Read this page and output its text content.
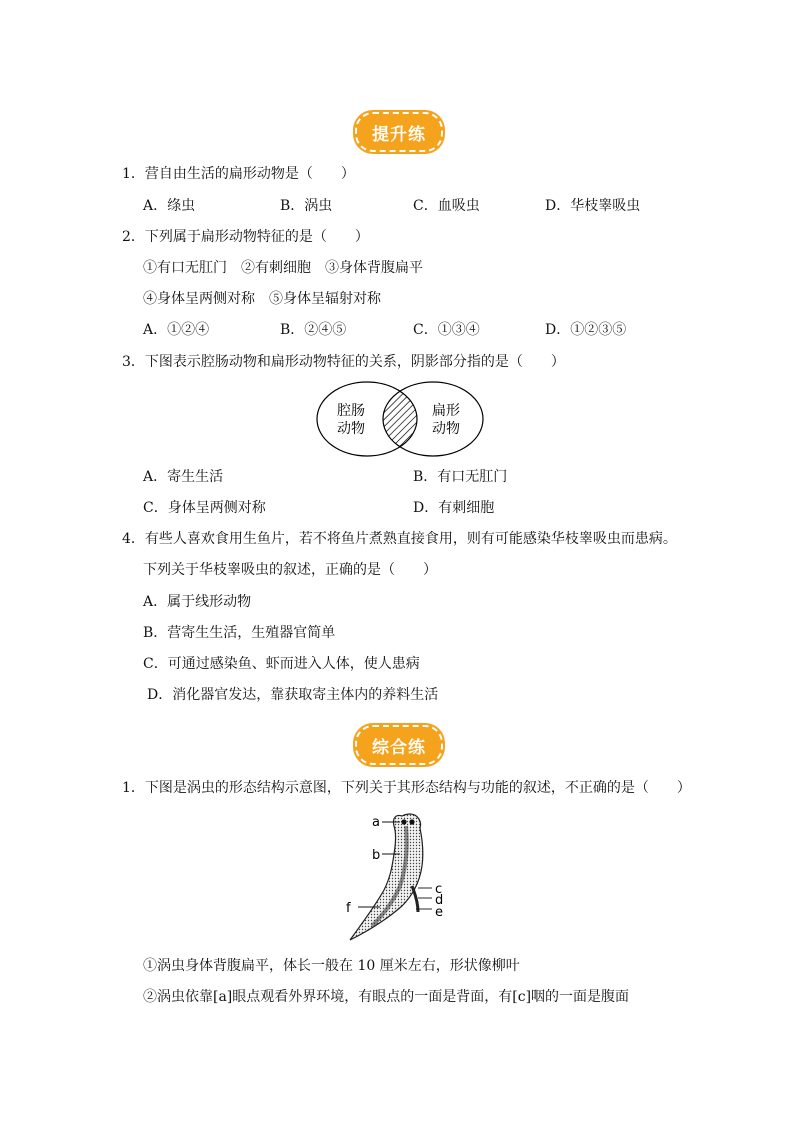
提升练
1．营自由生活的扁形动物是（　　）
A．绦虫	B．涡虫	C．血吸虫	D．华枝睾吸虫
2．下列属于扁形动物特征的是（　　）
①有口无肛门　②有刺细胞　③身体背腹扁平
④身体呈两侧对称　⑤身体呈辐射对称
A．①②④	B．②④⑤	C．①③④	D．①②③⑤
3．下图表示腔肠动物和扁形动物特征的关系，阴影部分指的是（　　）
腔肠
动物
扁形
动物
A．寄生生活	B．有口无肛门
C．身体呈两侧对称	D．有刺细胞
4．有些人喜欢食用生鱼片，若不将鱼片煮熟直接食用，则有可能感染华枝睾吸虫而患病。
下列关于华枝睾吸虫的叙述，正确的是（　　）
A．属于线形动物
B．营寄生生活，生殖器官简单
C．可通过感染鱼、虾而进入人体，使人患病
D．消化器官发达，靠获取寄主体内的养料生活
综合练
1．下图是涡虫的形态结构示意图，下列关于其形态结构与功能的叙述，不正确的是（　　）
a
b
c
d
e
f
①涡虫身体背腹扁平，体长一般在 10 厘米左右，形状像柳叶
②涡虫依靠[a]眼点观看外界环境，有眼点的一面是背面，有[c]咽的一面是腹面
